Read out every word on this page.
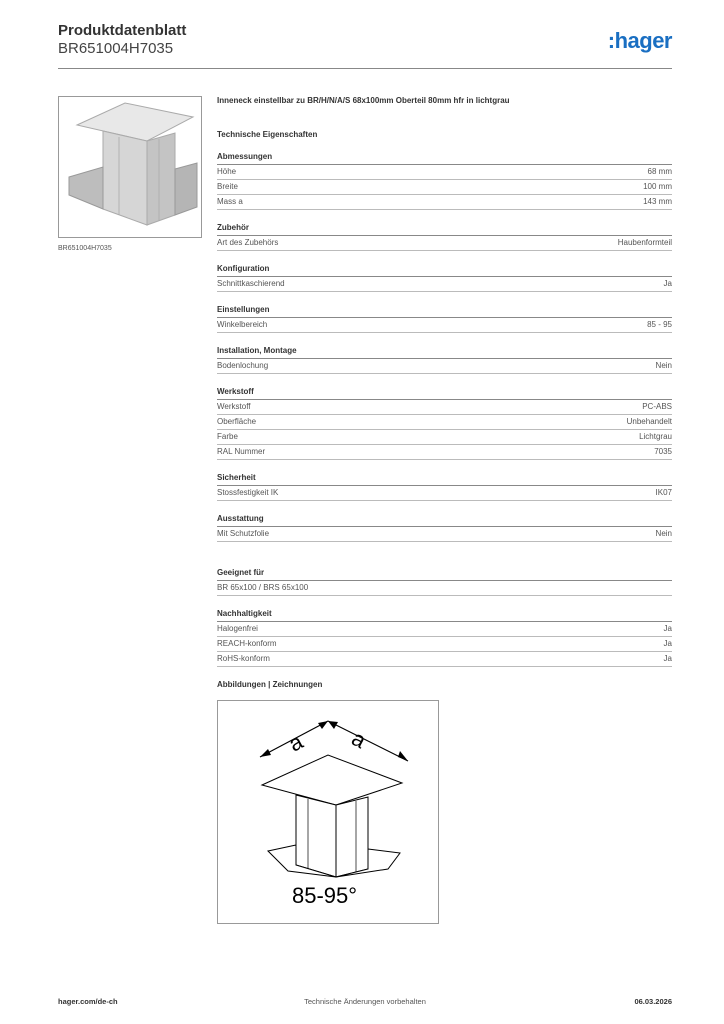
Produktdatenblatt
BR651004H7035	:hager
BR651004H7035
Inneneck einstellbar zu BR/H/N/A/S 68x100mm Oberteil 80mm hfr in lichtgrau
Technische Eigenschaften
Abmessungen
Höhe	68 mm
Breite	100 mm
Mass a	143 mm
Zubehör
Art des Zubehörs	Haubenformteil
Konfiguration
Schnittkaschierend	Ja
Einstellungen
Winkelbereich	85 - 95
Installation, Montage
Bodenlochung	Nein
Werkstoff
Werkstoff	PC-ABS
Oberfläche	Unbehandelt
Farbe	Lichtgrau
RAL Nummer	7035
Sicherheit
Stossfestigkeit IK	IK07
Ausstattung
Mit Schutzfolie	Nein
Geeignet für
BR 65x100 / BRS 65x100
Nachhaltigkeit
Halogenfrei	Ja
REACH-konform	Ja
RoHS-konform	Ja
Abbildungen | Zeichnungen
a a
85-95°
hager.com/de-ch	Technische Änderungen vorbehalten	06.03.2026
